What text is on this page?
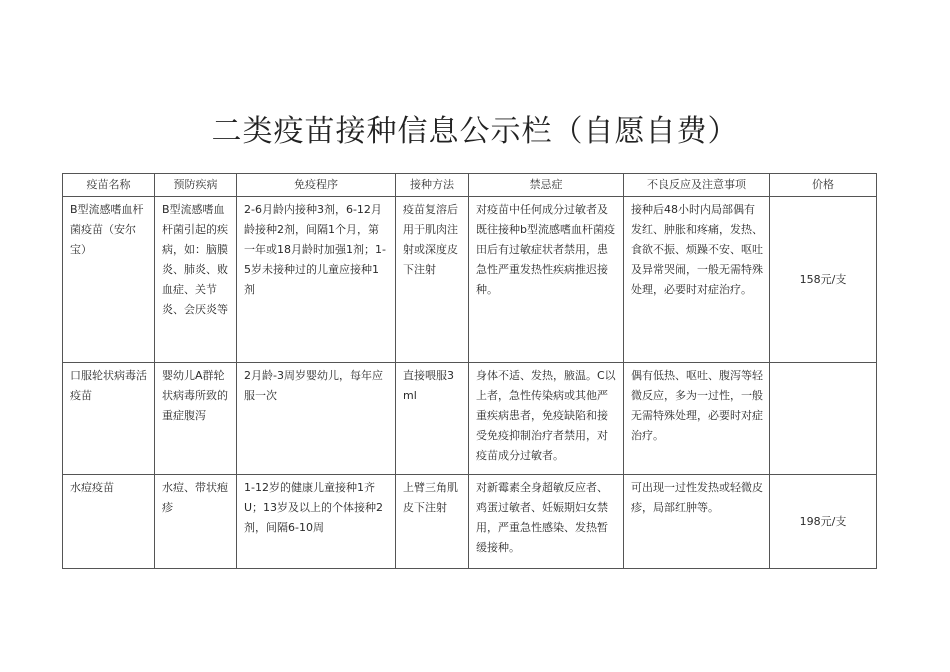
二类疫苗接种信息公示栏（自愿自费）
疫苗名称	预防疾病	免疫程序	接种方法	禁忌症	不良反应及注意事项	价格
B型流感嗜血杆菌疫苗（安尔宝）	B型流感嗜血杆菌引起的疾病，如：脑膜炎、肺炎、败血症、关节炎、会厌炎等	2-6月龄内接种3剂，6-12月龄接种2剂，间隔1个月，第一年或18月龄时加强1剂；1-5岁未接种过的儿童应接种1剂	疫苗复溶后用于肌肉注射或深度皮下注射	对疫苗中任何成分过敏者及既往接种b型流感嗜血杆菌疫田后有过敏症状者禁用，患急性严重发热性疾病推迟接种。	接种后48小时内局部偶有发红、肿胀和疼痛，发热、食欲不振、烦躁不安、呕吐及异常哭闹，一般无需特殊处理，必要时对症治疗。	158元/支
口服轮状病毒活疫苗	婴幼儿A群轮状病毒所致的重症腹泻	2月龄-3周岁婴幼儿，每年应服一次	直接喂服3ml	身体不适、发热，腋温。C以上者，急性传染病或其他严重疾病患者，免疫缺陷和接受免疫抑制治疗者禁用，对疫苗成分过敏者。	偶有低热、呕吐、腹泻等轻微反应，多为一过性，一般无需特殊处理，必要时对症治疗。	
水痘疫苗	水痘、带状疱疹	1-12岁的健康儿童接种1齐U；13岁及以上的个体接种2剂，间隔6-10周	上臂三角肌皮下注射	对新霉素全身超敏反应者、鸡蛋过敏者、妊娠期妇女禁用，严重急性感染、发热暂缓接种。	可出现一过性发热或轻微皮疹，局部红肿等。	198元/支
